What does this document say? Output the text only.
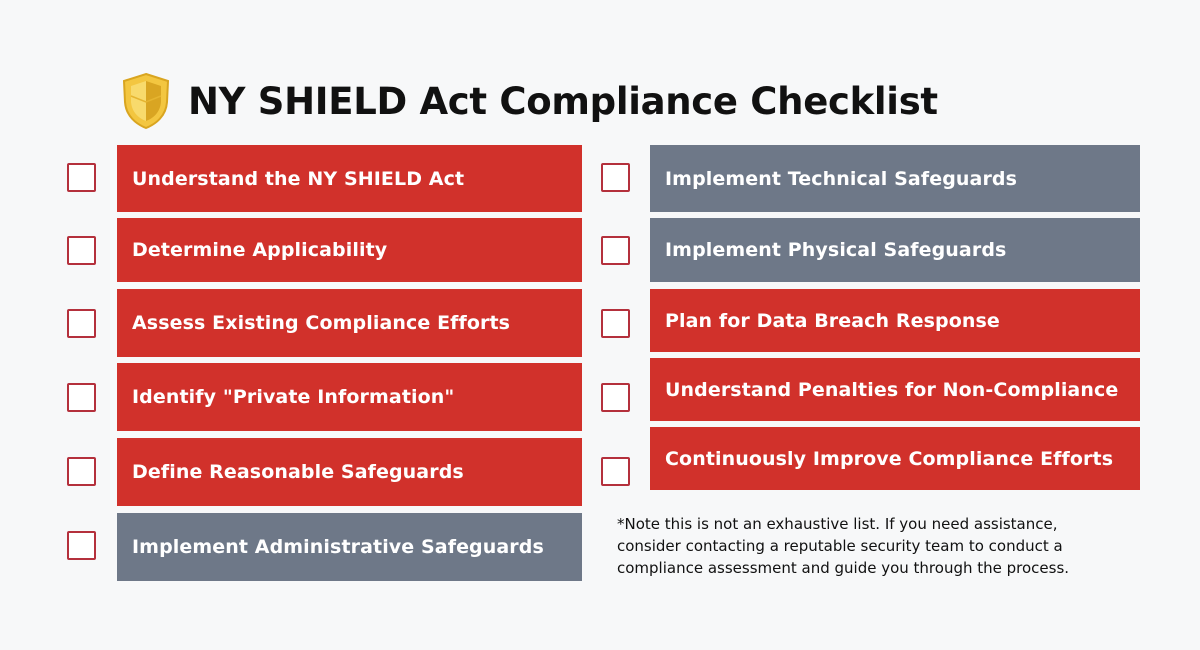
NY SHIELD Act Compliance Checklist
Understand the NY SHIELD Act
Determine Applicability
Assess Existing Compliance Efforts
Identify "Private Information"
Define Reasonable Safeguards
Implement Administrative Safeguards
Implement Technical Safeguards
Implement Physical Safeguards
Plan for Data Breach Response
Understand Penalties for Non-Compliance
Continuously Improve Compliance Efforts
*Note this is not an exhaustive list. If you need assistance, consider contacting a reputable security team to conduct a compliance assessment and guide you through the process.
